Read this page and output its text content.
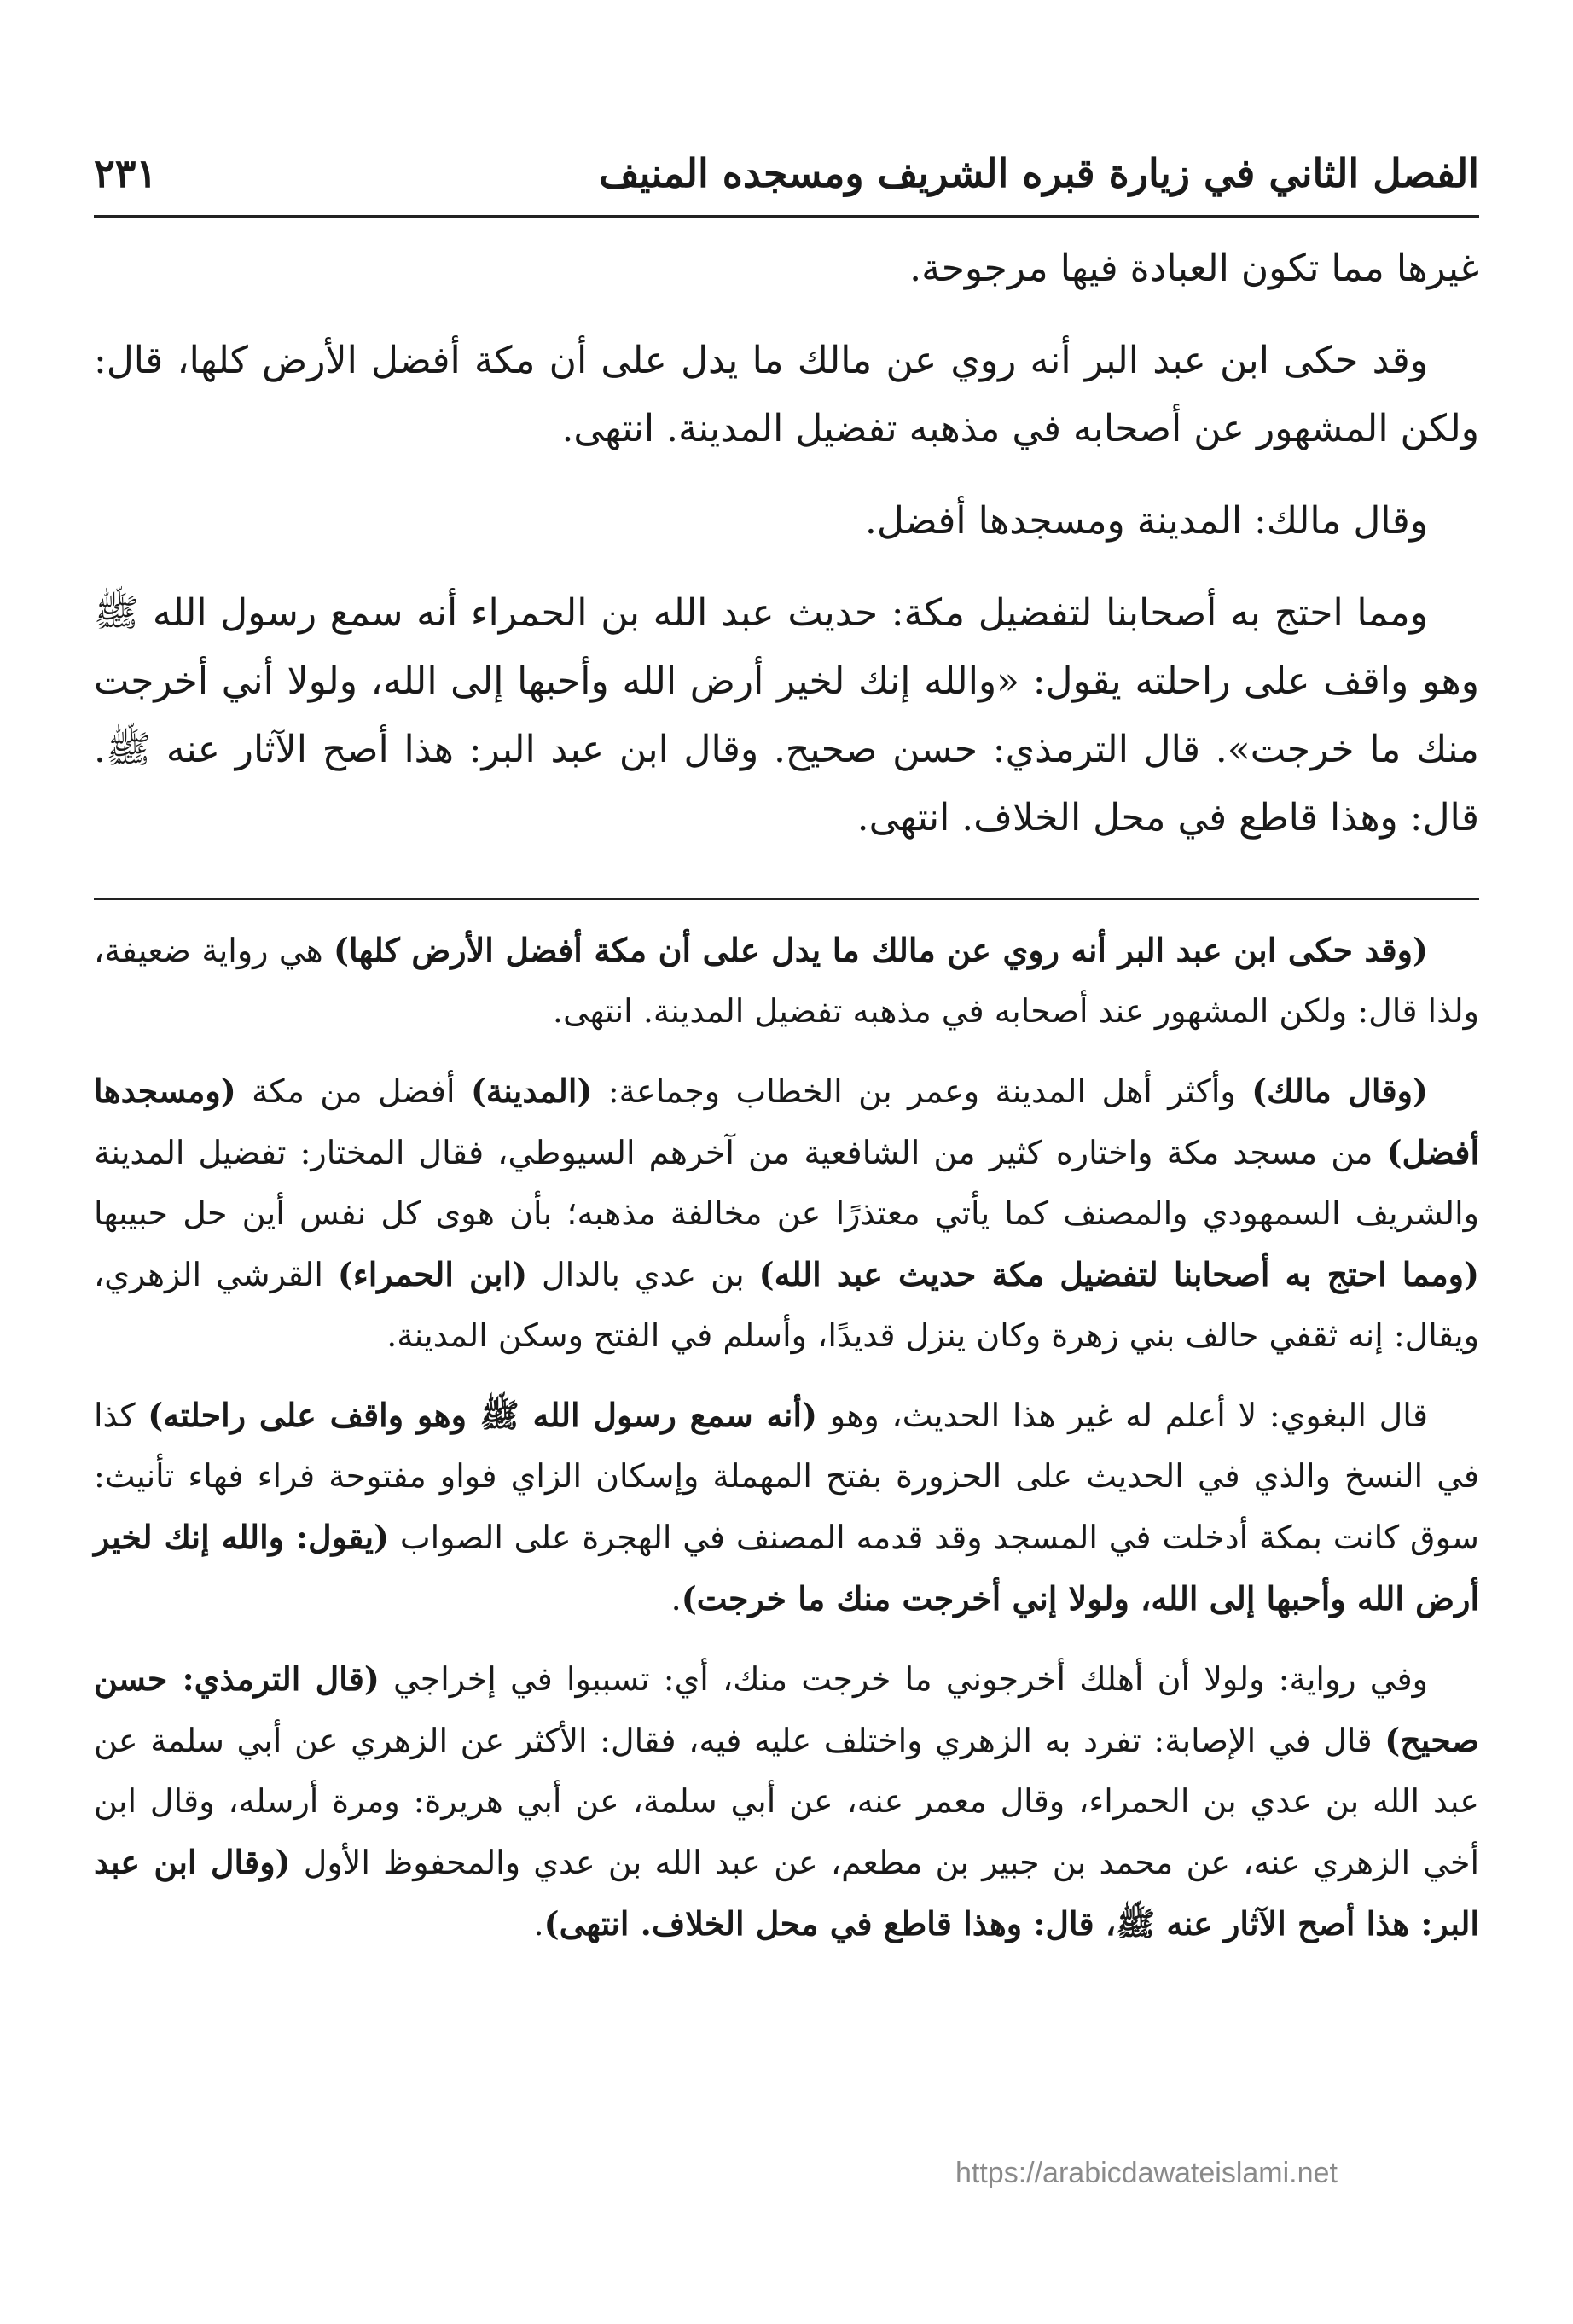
الفصل الثاني في زيارة قبره الشريف ومسجده المنيف
٢٣١

غيرها مما تكون العبادة فيها مرجوحة.

وقد حكى ابن عبد البر أنه روي عن مالك ما يدل على أن مكة أفضل الأرض كلها، قال: ولكن المشهور عن أصحابه في مذهبه تفضيل المدينة. انتهى.

وقال مالك: المدينة ومسجدها أفضل.

ومما احتج به أصحابنا لتفضيل مكة: حديث عبد الله بن الحمراء أنه سمع رسول الله ﷺ وهو واقف على راحلته يقول: «والله إنك لخير أرض الله وأحبها إلى الله، ولولا أني أخرجت منك ما خرجت». قال الترمذي: حسن صحيح. وقال ابن عبد البر: هذا أصح الآثار عنه ﷺ. قال: وهذا قاطع في محل الخلاف. انتهى.

(وقد حكى ابن عبد البر أنه روي عن مالك ما يدل على أن مكة أفضل الأرض كلها) هي رواية ضعيفة، ولذا قال: ولكن المشهور عند أصحابه في مذهبه تفضيل المدينة. انتهى.

(وقال مالك) وأكثر أهل المدينة وعمر بن الخطاب وجماعة: (المدينة) أفضل من مكة (ومسجدها أفضل) من مسجد مكة واختاره كثير من الشافعية من آخرهم السيوطي، فقال المختار: تفضيل المدينة والشريف السمهودي والمصنف كما يأتي معتذرًا عن مخالفة مذهبه؛ بأن هوى كل نفس أين حل حبيبها (ومما احتج به أصحابنا لتفضيل مكة حديث عبد الله) بن عدي بالدال (ابن الحمراء) القرشي الزهري، ويقال: إنه ثقفي حالف بني زهرة وكان ينزل قديدًا، وأسلم في الفتح وسكن المدينة.

قال البغوي: لا أعلم له غير هذا الحديث، وهو (أنه سمع رسول الله ﷺ وهو واقف على راحلته) كذا في النسخ والذي في الحديث على الحزورة بفتح المهملة وإسكان الزاي فواو مفتوحة فراء فهاء تأنيث: سوق كانت بمكة أدخلت في المسجد وقد قدمه المصنف في الهجرة على الصواب (يقول: والله إنك لخير أرض الله وأحبها إلى الله، ولولا إني أخرجت منك ما خرجت).

وفي رواية: ولولا أن أهلك أخرجوني ما خرجت منك، أي: تسببوا في إخراجي (قال الترمذي: حسن صحيح) قال في الإصابة: تفرد به الزهري واختلف عليه فيه، فقال: الأكثر عن الزهري عن أبي سلمة عن عبد الله بن عدي بن الحمراء، وقال معمر عنه، عن أبي سلمة، عن أبي هريرة: ومرة أرسله، وقال ابن أخي الزهري عنه، عن محمد بن جبير بن مطعم، عن عبد الله بن عدي والمحفوظ الأول (وقال ابن عبد البر: هذا أصح الآثار عنه ﷺ، قال: وهذا قاطع في محل الخلاف. انتهى).

https://arabicdawateislami.net
